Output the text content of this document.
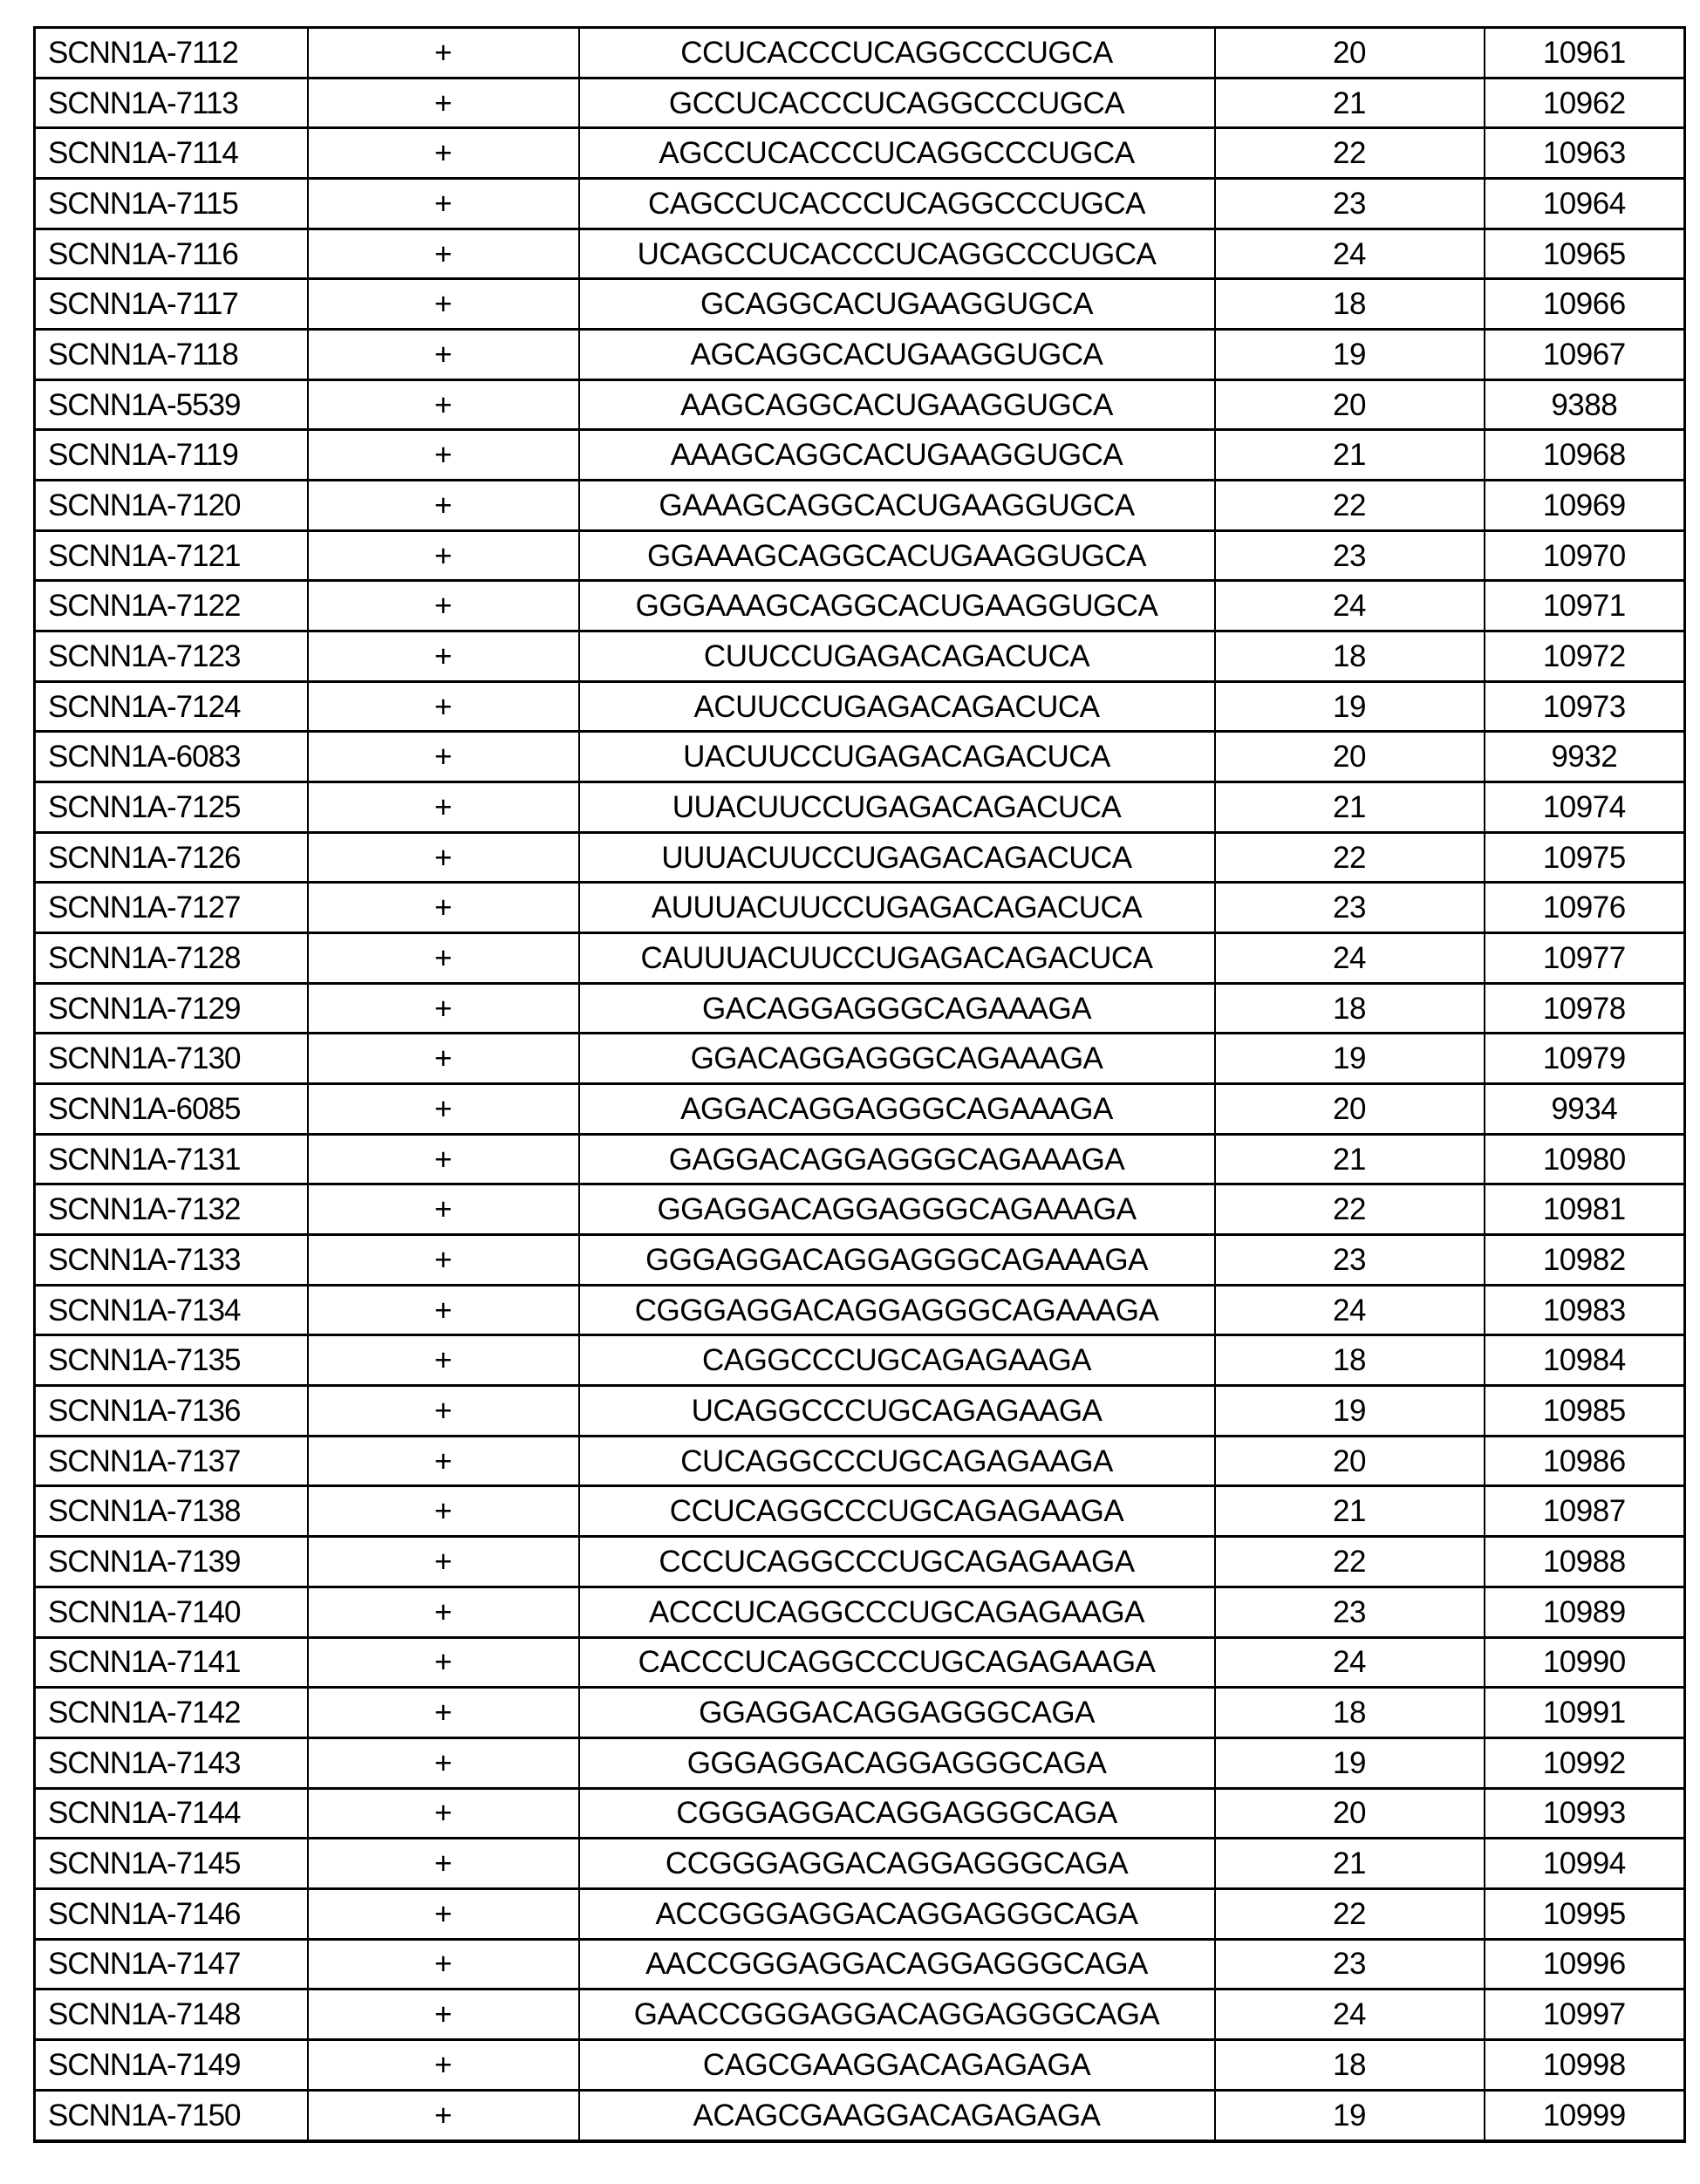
SCNN1A-7112	+	CCUCACCCUCAGGCCCUGCA	20	10961
SCNN1A-7113	+	GCCUCACCCUCAGGCCCUGCA	21	10962
SCNN1A-7114	+	AGCCUCACCCUCAGGCCCUGCA	22	10963
SCNN1A-7115	+	CAGCCUCACCCUCAGGCCCUGCA	23	10964
SCNN1A-7116	+	UCAGCCUCACCCUCAGGCCCUGCA	24	10965
SCNN1A-7117	+	GCAGGCACUGAAGGUGCA	18	10966
SCNN1A-7118	+	AGCAGGCACUGAAGGUGCA	19	10967
SCNN1A-5539	+	AAGCAGGCACUGAAGGUGCA	20	9388
SCNN1A-7119	+	AAAGCAGGCACUGAAGGUGCA	21	10968
SCNN1A-7120	+	GAAAGCAGGCACUGAAGGUGCA	22	10969
SCNN1A-7121	+	GGAAAGCAGGCACUGAAGGUGCA	23	10970
SCNN1A-7122	+	GGGAAAGCAGGCACUGAAGGUGCA	24	10971
SCNN1A-7123	+	CUUCCUGAGACAGACUCA	18	10972
SCNN1A-7124	+	ACUUCCUGAGACAGACUCA	19	10973
SCNN1A-6083	+	UACUUCCUGAGACAGACUCA	20	9932
SCNN1A-7125	+	UUACUUCCUGAGACAGACUCA	21	10974
SCNN1A-7126	+	UUUACUUCCUGAGACAGACUCA	22	10975
SCNN1A-7127	+	AUUUACUUCCUGAGACAGACUCA	23	10976
SCNN1A-7128	+	CAUUUACUUCCUGAGACAGACUCA	24	10977
SCNN1A-7129	+	GACAGGAGGGCAGAAAGA	18	10978
SCNN1A-7130	+	GGACAGGAGGGCAGAAAGA	19	10979
SCNN1A-6085	+	AGGACAGGAGGGCAGAAAGA	20	9934
SCNN1A-7131	+	GAGGACAGGAGGGCAGAAAGA	21	10980
SCNN1A-7132	+	GGAGGACAGGAGGGCAGAAAGA	22	10981
SCNN1A-7133	+	GGGAGGACAGGAGGGCAGAAAGA	23	10982
SCNN1A-7134	+	CGGGAGGACAGGAGGGCAGAAAGA	24	10983
SCNN1A-7135	+	CAGGCCCUGCAGAGAAGA	18	10984
SCNN1A-7136	+	UCAGGCCCUGCAGAGAAGA	19	10985
SCNN1A-7137	+	CUCAGGCCCUGCAGAGAAGA	20	10986
SCNN1A-7138	+	CCUCAGGCCCUGCAGAGAAGA	21	10987
SCNN1A-7139	+	CCCUCAGGCCCUGCAGAGAAGA	22	10988
SCNN1A-7140	+	ACCCUCAGGCCCUGCAGAGAAGA	23	10989
SCNN1A-7141	+	CACCCUCAGGCCCUGCAGAGAAGA	24	10990
SCNN1A-7142	+	GGAGGACAGGAGGGCAGA	18	10991
SCNN1A-7143	+	GGGAGGACAGGAGGGCAGA	19	10992
SCNN1A-7144	+	CGGGAGGACAGGAGGGCAGA	20	10993
SCNN1A-7145	+	CCGGGAGGACAGGAGGGCAGA	21	10994
SCNN1A-7146	+	ACCGGGAGGACAGGAGGGCAGA	22	10995
SCNN1A-7147	+	AACCGGGAGGACAGGAGGGCAGA	23	10996
SCNN1A-7148	+	GAACCGGGAGGACAGGAGGGCAGA	24	10997
SCNN1A-7149	+	CAGCGAAGGACAGAGAGA	18	10998
SCNN1A-7150	+	ACAGCGAAGGACAGAGAGA	19	10999
